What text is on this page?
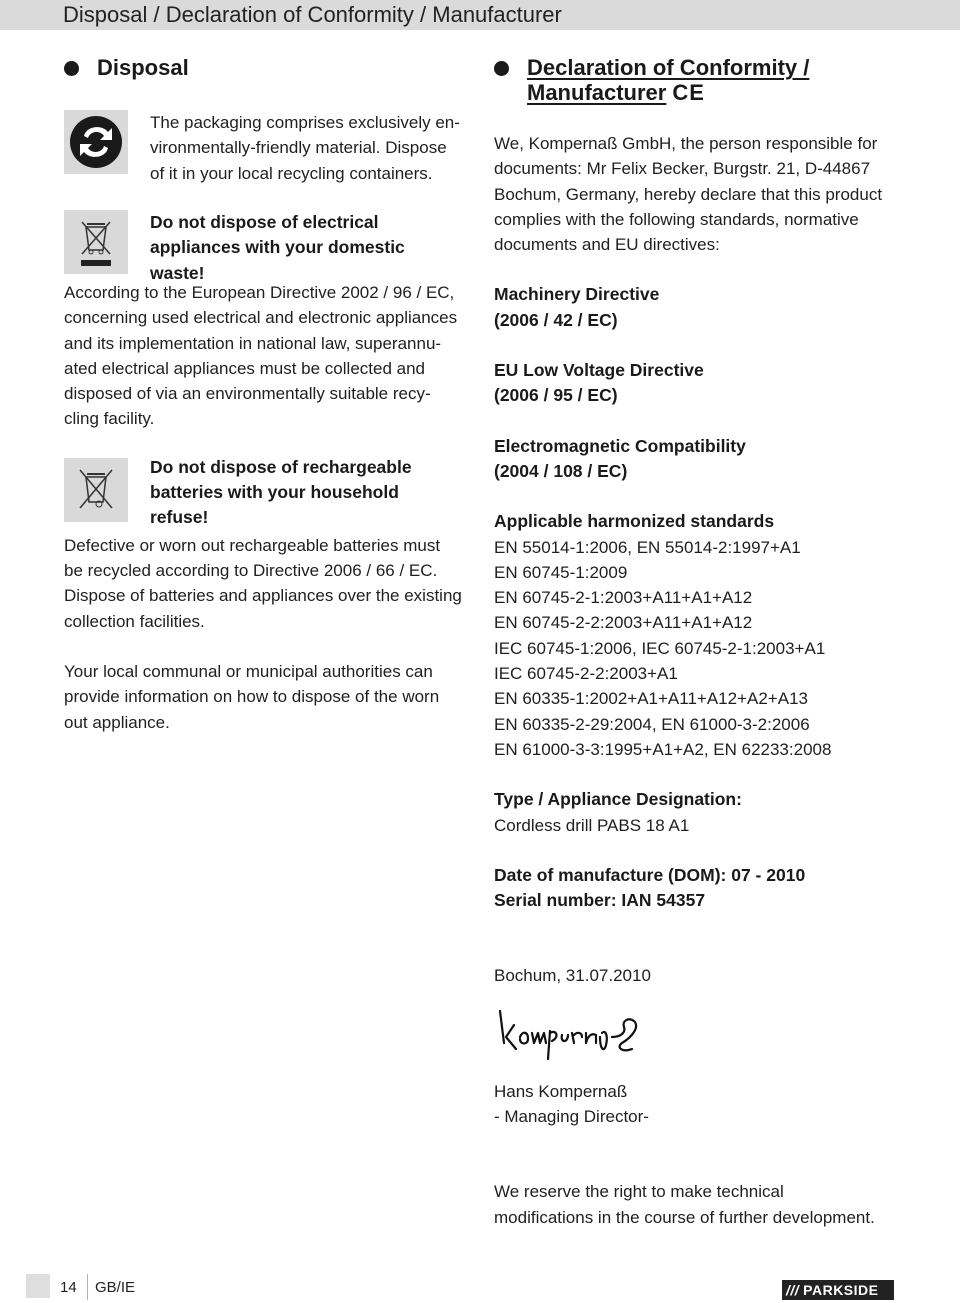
Disposal / Declaration of Conformity / Manufacturer
Disposal
The packaging comprises exclusively en-
vironmentally-friendly material. Dispose
of it in your local recycling containers.
Do not dispose of electrical
appliances with your domestic
waste!
According to the European Directive 2002 / 96 / EC,
concerning used electrical and electronic appliances
and its implementation in national law, superannu-
ated electrical appliances must be collected and
disposed of via an environmentally suitable recy-
cling facility.
Do not dispose of rechargeable
batteries with your household
refuse!
Defective or worn out rechargeable batteries must
be recycled according to Directive 2006 / 66 / EC.
Dispose of batteries and appliances over the existing
collection facilities.
Your local communal or municipal authorities can
provide information on how to dispose of the worn
out appliance.
Declaration of Conformity /
Manufacturer CE
We, Kompernaß GmbH, the person responsible for
documents: Mr Felix Becker, Burgstr. 21, D-44867
Bochum, Germany, hereby declare that this product
complies with the following standards, normative
documents and EU directives:
Machinery Directive
(2006 / 42 / EC)
EU Low Voltage Directive
(2006 / 95 / EC)
Electromagnetic Compatibility
(2004 / 108 / EC)
Applicable harmonized standards
EN 55014-1:2006, EN 55014-2:1997+A1
EN 60745-1:2009
EN 60745-2-1:2003+A11+A1+A12
EN 60745-2-2:2003+A11+A1+A12
IEC 60745-1:2006, IEC 60745-2-1:2003+A1
IEC 60745-2-2:2003+A1
EN 60335-1:2002+A1+A11+A12+A2+A13
EN 60335-2-29:2004, EN 61000-3-2:2006
EN 61000-3-3:1995+A1+A2, EN 62233:2008
Type / Appliance Designation:
Cordless drill PABS 18 A1
Date of manufacture (DOM): 07 - 2010
Serial number: IAN 54357
Bochum, 31.07.2010
Hans Kompernaß
- Managing Director-
We reserve the right to make technical
modifications in the course of further development.
14 GB/IE	/// PARKSIDE
